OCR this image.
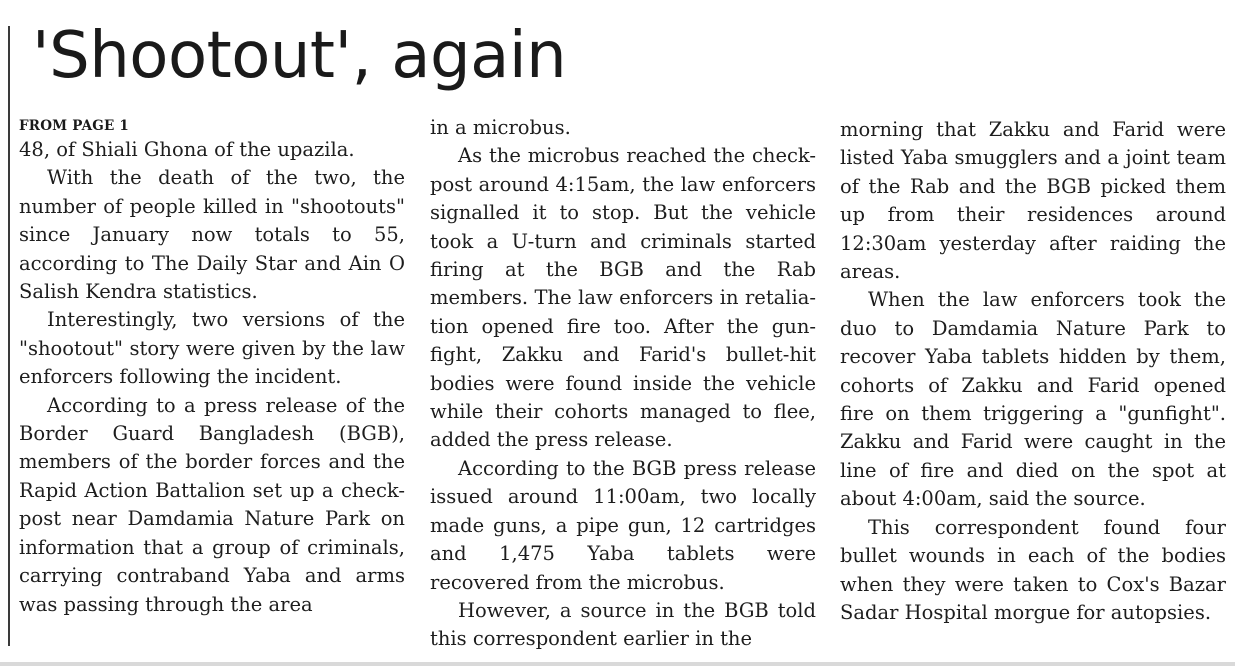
'Shootout', again
FROM PAGE 1

48, of Shiali Ghona of the upazila.

With the death of the two, the number of people killed in "shootouts" since January now totals to 55, according to The Daily Star and Ain O Salish Kendra statistics.

Interestingly, two versions of the "shootout" story were given by the law enforcers following the incident.

According to a press release of the Border Guard Bangladesh (BGB), members of the border forces and the Rapid Action Battalion set up a check-post near Damdamia Nature Park on information that a group of criminals, carrying contraband Yaba and arms was passing through the area

in a microbus.

As the microbus reached the check-post around 4:15am, the law enforcers signalled it to stop. But the vehicle took a U-turn and criminals started firing at the BGB and the Rab members. The law enforcers in retaliation opened fire too. After the gunfight, Zakku and Farid's bullet-hit bodies were found inside the vehicle while their cohorts managed to flee, added the press release.

According to the BGB press release issued around 11:00am, two locally made guns, a pipe gun, 12 cartridges and 1,475 Yaba tablets were recovered from the microbus.

However, a source in the BGB told this correspondent earlier in the

morning that Zakku and Farid were listed Yaba smugglers and a joint team of the Rab and the BGB picked them up from their residences around 12:30am yesterday after raiding the areas.

When the law enforcers took the duo to Damdamia Nature Park to recover Yaba tablets hidden by them, cohorts of Zakku and Farid opened fire on them triggering a "gunfight". Zakku and Farid were caught in the line of fire and died on the spot at about 4:00am, said the source.

This correspondent found four bullet wounds in each of the bodies when they were taken to Cox's Bazar Sadar Hospital morgue for autopsies.
